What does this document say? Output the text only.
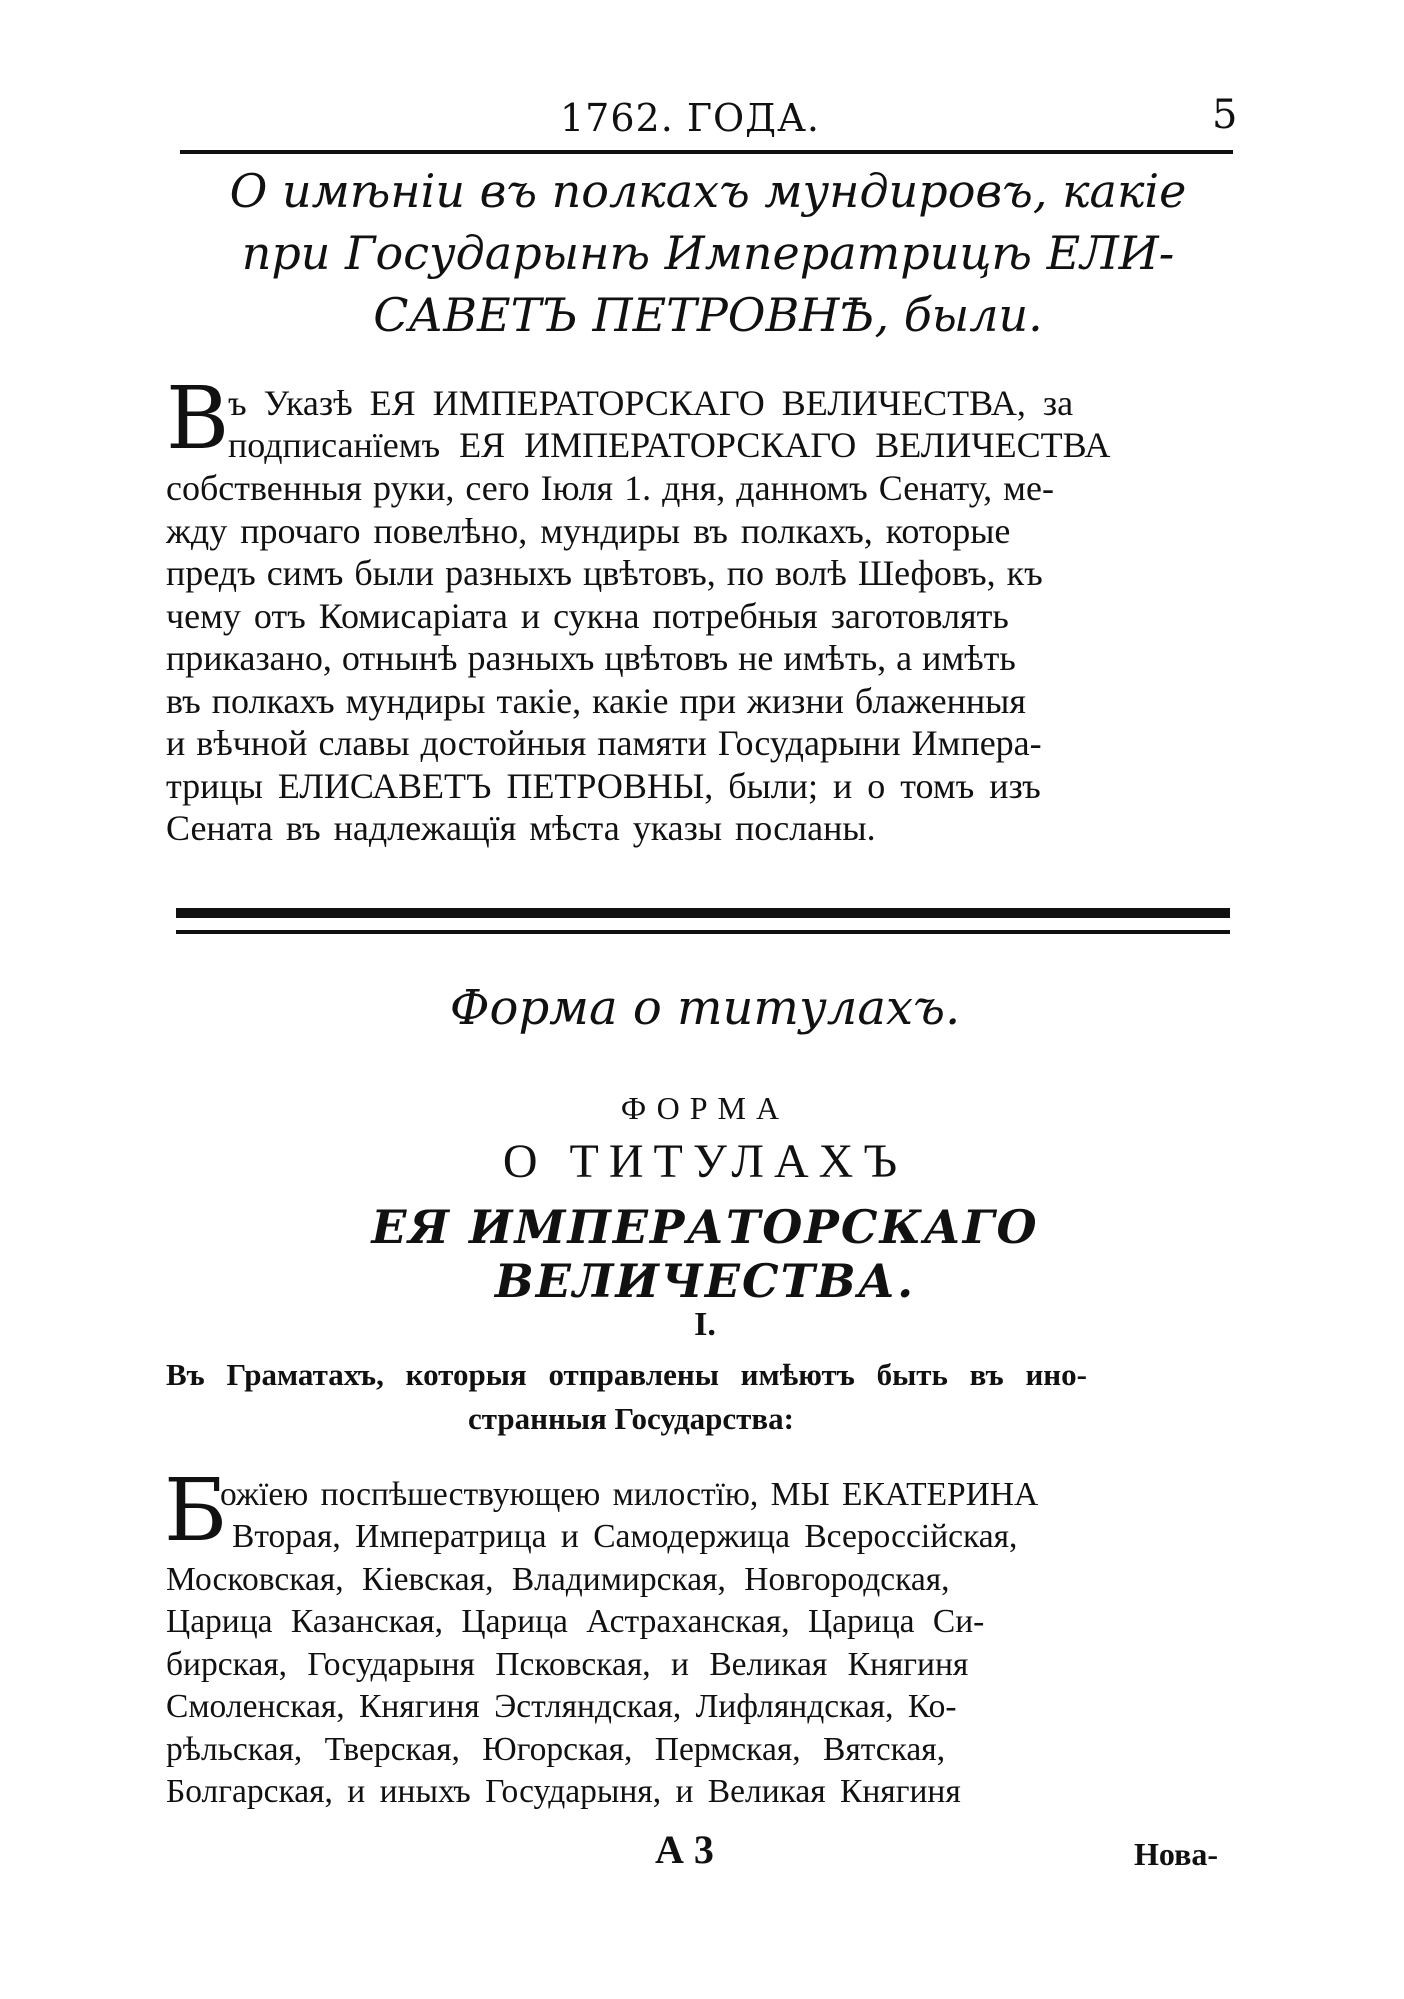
1762. ГОДА.	5
О имѣніи въ полкахъ мундировъ, какіе
при Государынѣ Императрицѣ ЕЛИ-
САВЕТЪ ПЕТРОВНѢ, были.
В
ъ Указѣ ЕЯ ИМПЕРАТОРСКАГО ВЕЛИЧЕСТВА, за
подписанїемъ ЕЯ ИМПЕРАТОРСКАГО ВЕЛИЧЕСТВА
собственныя руки, сего Іюля 1. дня, данномъ Сенату, ме-
жду прочаго повелѣно, мундиры въ полкахъ, которые
предъ симъ были разныхъ цвѣтовъ, по волѣ Шефовъ, къ
чему отъ Комисаріата и сукна потребныя заготовлять
приказано, отнынѣ разныхъ цвѣтовъ не имѣть, а имѣть
въ полкахъ мундиры такіе, какіе при жизни блаженныя
и вѣчной славы достойныя памяти Государыни Импера-
трицы ЕЛИСАВЕТЪ ПЕТРОВНЫ, были; и о томъ изъ
Сената въ надлежащїя мѣста указы посланы.
Форма о титулахъ.
ФОРМА
О ТИТУЛАХЪ
ЕЯ ИМПЕРАТОРСКАГО ВЕЛИЧЕСТВА.
I.
Въ Граматахъ, которыя отправлены имѣютъ быть въ ино-
странныя Государства:
Б
ожїею поспѣшествующею милостїю, МЫ ЕКАТЕРИНА
Вторая, Императрица и Самодержица Всероссійская,
Московская, Кіевская, Владимирская, Новгородская,
Царица Казанская, Царица Астраханская, Царица Си-
бирская, Государыня Псковская, и Великая Княгиня
Смоленская, Княгиня Эстляндская, Лифляндская, Ко-
рѣльская, Тверская, Югорская, Пермская, Вятская,
Болгарская, и иныхъ Государыня, и Великая Княгиня
А 3	Нова-
